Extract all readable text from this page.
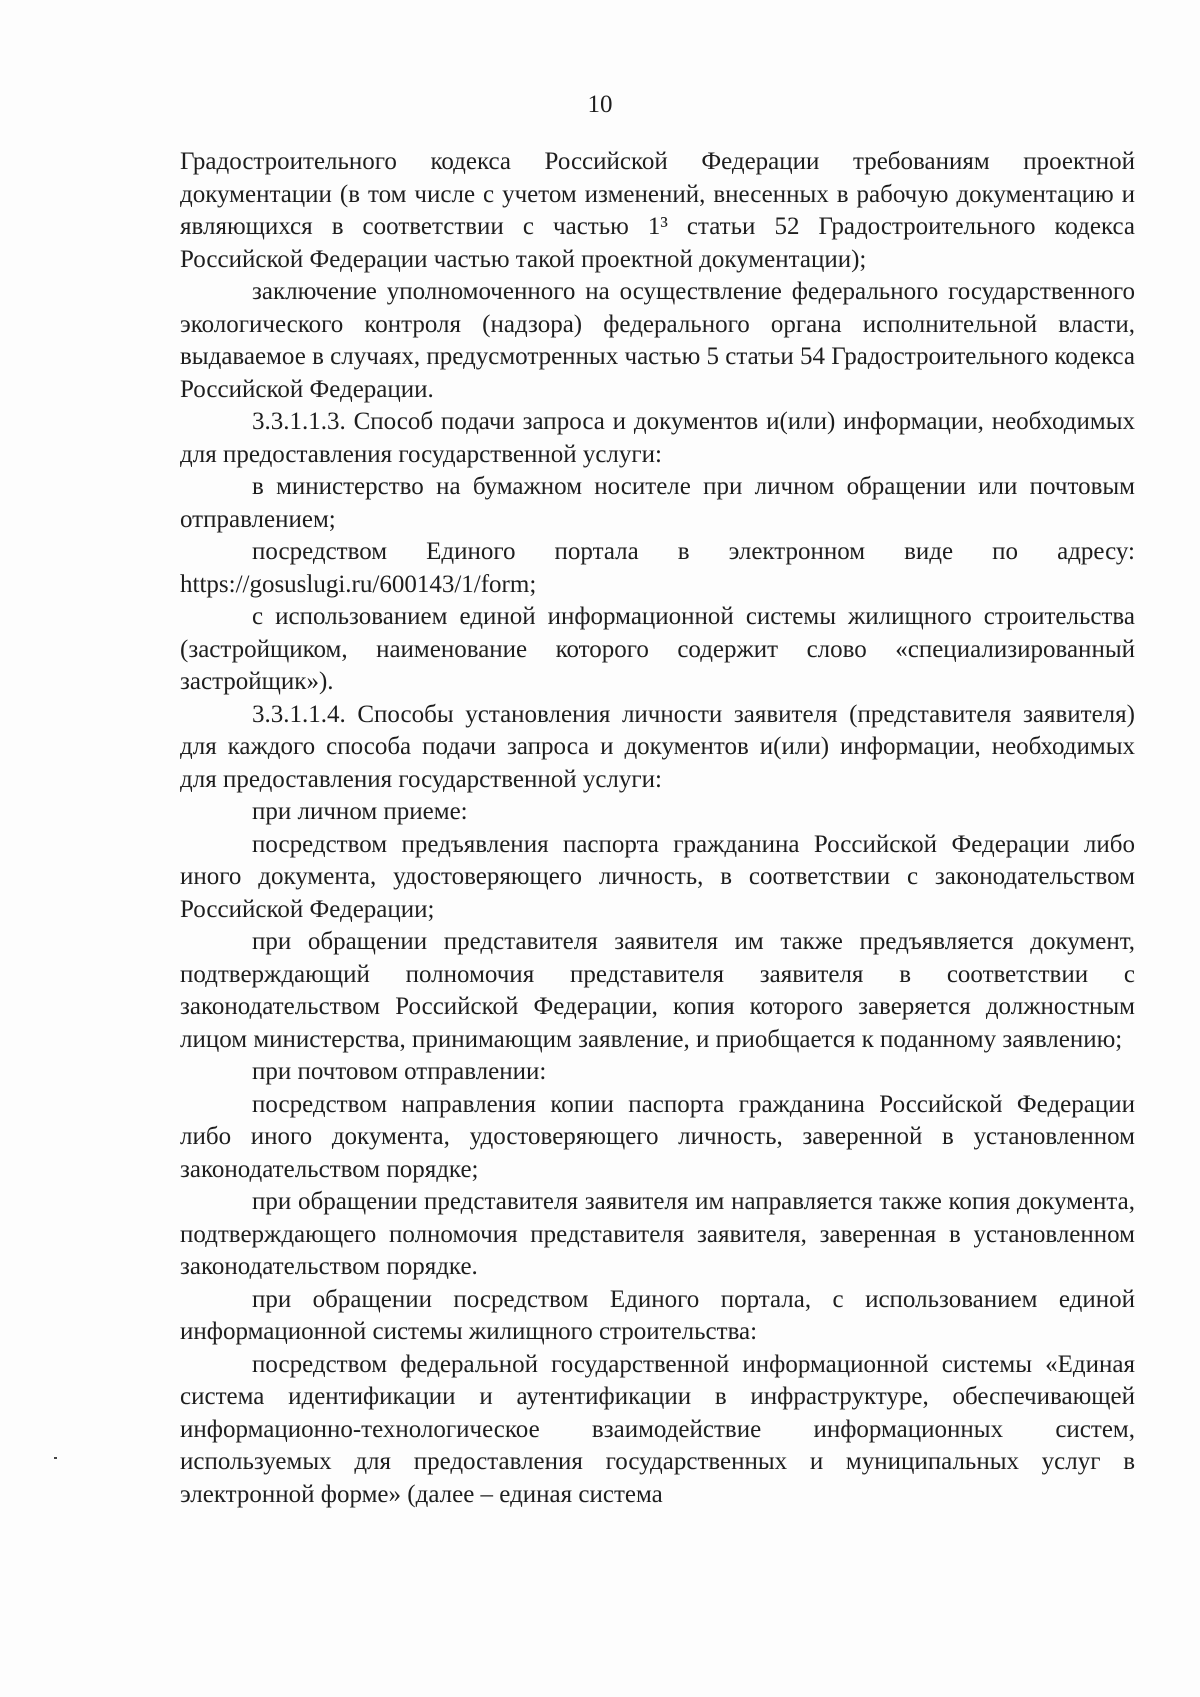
10

Градостроительного кодекса Российской Федерации требованиям проектной документации (в том числе с учетом изменений, внесенных в рабочую документацию и являющихся в соответствии с частью 1³ статьи 52 Градостроительного кодекса Российской Федерации частью такой проектной документации);

заключение уполномоченного на осуществление федерального государственного экологического контроля (надзора) федерального органа исполнительной власти, выдаваемое в случаях, предусмотренных частью 5 статьи 54 Градостроительного кодекса Российской Федерации.

3.3.1.1.3. Способ подачи запроса и документов и(или) информации, необходимых для предоставления государственной услуги:

в министерство на бумажном носителе при личном обращении или почтовым отправлением;

посредством Единого портала в электронном виде по адресу: https://gosuslugi.ru/600143/1/form;

с использованием единой информационной системы жилищного строительства (застройщиком, наименование которого содержит слово «специализированный застройщик»).

3.3.1.1.4. Способы установления личности заявителя (представителя заявителя) для каждого способа подачи запроса и документов и(или) информации, необходимых для предоставления государственной услуги:

при личном приеме:

посредством предъявления паспорта гражданина Российской Федерации либо иного документа, удостоверяющего личность, в соответствии с законодательством Российской Федерации;

при обращении представителя заявителя им также предъявляется документ, подтверждающий полномочия представителя заявителя в соответствии с законодательством Российской Федерации, копия которого заверяется должностным лицом министерства, принимающим заявление, и приобщается к поданному заявлению;

при почтовом отправлении:

посредством направления копии паспорта гражданина Российской Федерации либо иного документа, удостоверяющего личность, заверенной в установленном законодательством порядке;

при обращении представителя заявителя им направляется также копия документа, подтверждающего полномочия представителя заявителя, заверенная в установленном законодательством порядке.

при обращении посредством Единого портала, с использованием единой информационной системы жилищного строительства:

посредством федеральной государственной информационной системы «Единая система идентификации и аутентификации в инфраструктуре, обеспечивающей информационно-технологическое взаимодействие информационных систем, используемых для предоставления государственных и муниципальных услуг в электронной форме» (далее – единая система
